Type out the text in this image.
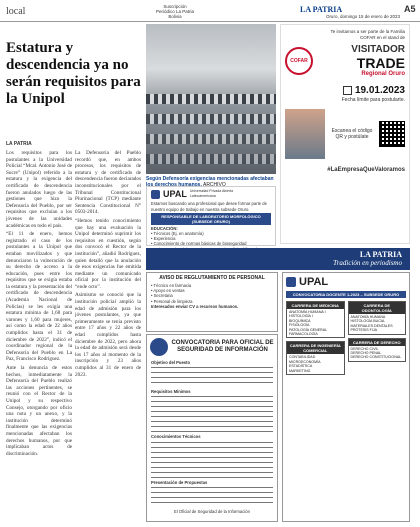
local	Suscripción
Periódico La Patria Bolivia
LA PATRIA
Oruro, domingo 15 de enero de 2023
A5
Estatura y descendencia ya no serán requisitos para la Unipol
LA PATRIA

Los requisitos para los postulantes a la Universidad Policial “Mcal. Antonio José de Sucre” (Unipol) referido a la estatura y la exigencia del certificado de descendencia fueron anulados luego de las gestiones que hizo la Defensoría del Pueblo, por ser requisitos que excluían a los jóvenes de las unidades académicas en todo el país.

“El 11 de enero, hemos registrado el caso de los postulantes a la Unipol que estaban movilizados y que denunciaron la vulneración de su derecho de acceso a la educación, pues entre los requisitos que se exigía estaba la estatura y la presentación del certificado de descendencia (Academia Nacional de Policías) se les exigía una estatura mínima de 1,68 para varones y 1,60 para mujeres, así como la edad de 22 años cumplidos hasta el 31 de diciembre de 2022”, indicó el coordinador regional de la Defensoría del Pueblo en La Paz, Francisco Rodríguez.

Ante la denuncia de estos hechos, inmediatamente la Defensoría del Pueblo realizó las acciones pertinentes, se reunió con el Rector de la Unipol y su respectivo Consejo, otorgando por oficio una nota y un anexo, y la institución determinó finalmente que las exigencias mencionadas afectaban los derechos humanos, por que implicaban actos de discriminación.

La Defensoría del Pueblo recordó que, en ambos procesos, los requisitos de estatura y de certificado de descendencia fueron declarados inconstitucionales por el Tribunal Constitucional Plurinacional (TCP) mediante Sentencia Constitucional N° 0503-2014.

“Hemos tenido conocimiento que hay una evaluación la Unipol determinó suprimir los requisitos en cuestión, según dos convocó el Rector de la institución”, añadió Rodríguez, quien detalló que la anulación de esos exigencias fue emitida mediante un comunicado oficial por la institución del “ende octo”.

Asimismo se conoció que la institución policial amplió la edad de admisión para los jóvenes postulantes, ya que primeramente se tenía previsto entre 17 años y 22 años de edad cumplidos hasta diciembre de 2022, pero ahora la edad de admisión será desde los 17 años al momento de la inscripción y 23 años cumplidos al 31 de enero de 2023.

Según Defensoría exigencias mencionadas afectaban los derechos humanos. ARCHIVO
UPAL Universidad Privada Abierta Latinoamericana
Estamos buscando una profesional que desee formar parte de nuestro equipo de trabajo en nuestra subsede Oruro.
RESPONSABLE DE LABORATORIO MORFOLÓGICO (SUBSEDE ORURO)
EDUCACIÓN:
• Técnicos (Ej. en anatomía)
• Experiencia
• Conocimiento de normas básicas de bioseguridad
Te invitamos a ser parte de la Familia COFAR en el stand de
COFAR
VISITADOR
TRADE
Regional Oruro
19.01.2023
Fecha límite para postularte.
Escanea el código QR y postúlate
#LaEmpresaQueValoramos
LA PATRIA
Tradición en periodismo
AVISO DE REGLUTAMIENTO DE PERSONAL
• Técnico en farmacia
• Apoyo en ventas
• Secretaria
• Personal de limpieza
Interesados enviar CV a recursos humanos.
CONVOCATORIA PARA OFICIAL DE SEGURIDAD DE INFORMACIÓN
Objetivo del Puesto
Requisitos Mínimos
Conocimientos Técnicos
Presentación de Propuestas
El Oficial de Seguridad de la Información
UPAL
CONVOCATORIA DOCENTE 1-2023 – SUBSEDE ORURO
CARRERA DE MEDICINA
ANATOMÍA HUMANA I
HISTOLOGÍA I
BIOQUÍMICA
FISIOLOGÍA
PATOLOGÍA GENERAL
FARMACOLOGÍA
CARRERA DE INGENIERÍA COMERCIAL
CONTABILIDAD
MICROECONOMÍA
ESTADÍSTICA
MARKETING
CARRERA DE ODONTOLOGÍA
ANATOMÍA HUMANA
HISTOLOGÍA BUCAL
MATERIALES DENTALES
PRÓTESIS FIJA
CARRERA DE DERECHO
DERECHO CIVIL
DERECHO PENAL
DERECHO CONSTITUCIONAL
